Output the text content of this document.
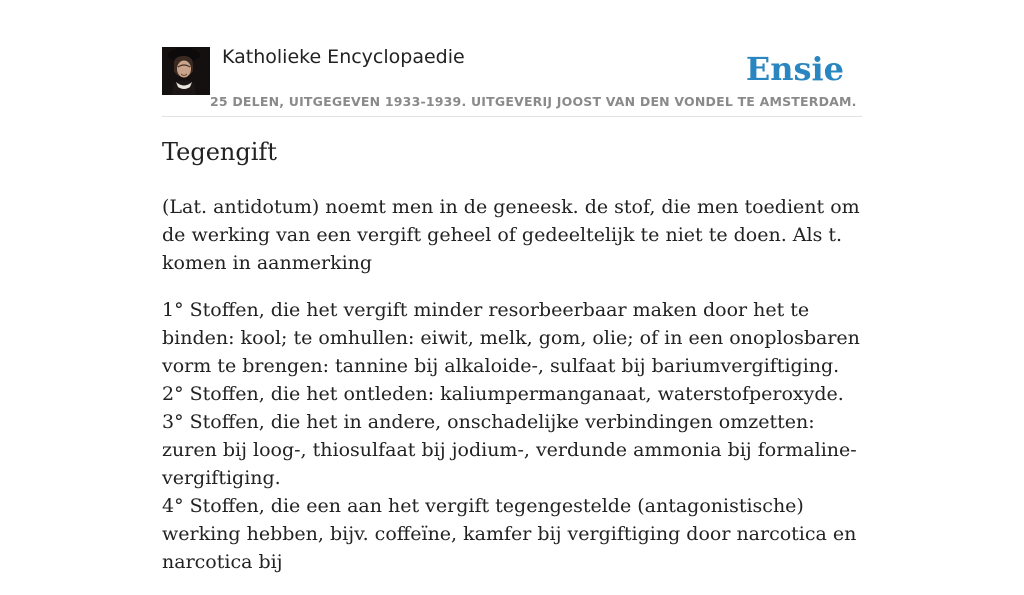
Katholieke Encyclopaedie
25 DELEN, UITGEGEVEN 1933-1939. UITGEVERIJ JOOST VAN DEN VONDEL TE AMSTERDAM.
Ensie
Tegengift

(Lat. antidotum) noemt men in de geneesk. de stof, die men toedient om de werking van een vergift geheel of gedeeltelijk te niet te doen. Als t. komen in aanmerking

1° Stoffen, die het vergift minder resorbeerbaar maken door het te binden: kool; te omhullen: eiwit, melk, gom, olie; of in een onoplosbaren vorm te brengen: tannine bij alkaloide-, sulfaat bij bariumvergiftiging.
2° Stoffen, die het ontleden: kaliumpermanganaat, waterstofperoxyde.
3° Stoffen, die het in andere, onschadelijke verbindingen omzetten: zuren bij loog-, thiosulfaat bij jodium-, verdunde ammonia bij formaline-vergiftiging.
4° Stoffen, die een aan het vergift tegengestelde (antagonistische) werking hebben, bijv. coffeïne, kamfer bij vergiftiging door narcotica en narcotica bij
